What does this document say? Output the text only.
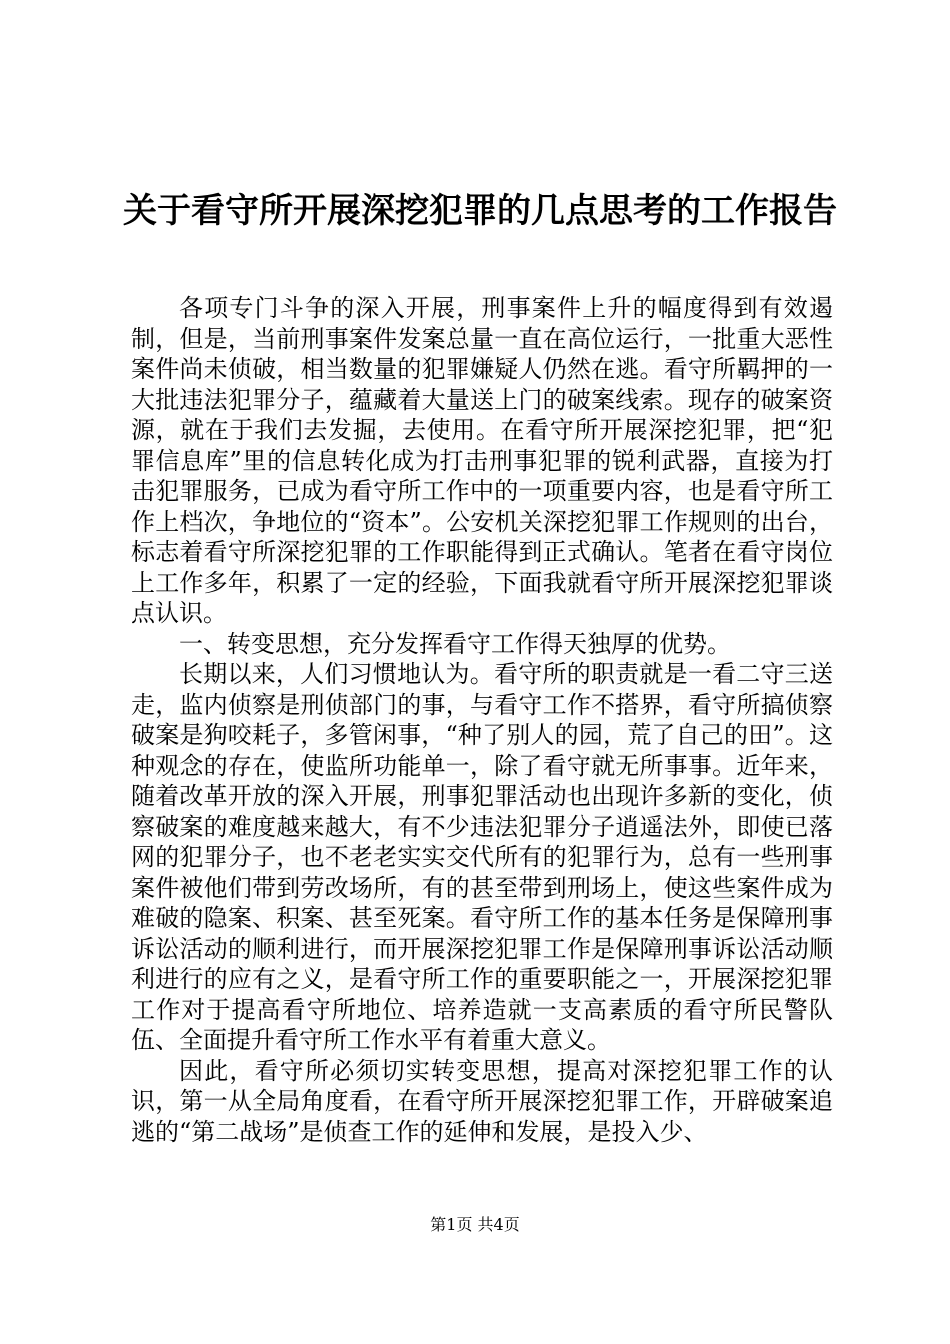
关于看守所开展深挖犯罪的几点思考的工作报告

各项专门斗争的深入开展，刑事案件上升的幅度得到有效遏制，但是，当前刑事案件发案总量一直在高位运行，一批重大恶性案件尚未侦破，相当数量的犯罪嫌疑人仍然在逃。看守所羁押的一大批违法犯罪分子，蕴藏着大量送上门的破案线索。现存的破案资源，就在于我们去发掘，去使用。在看守所开展深挖犯罪，把“犯罪信息库”里的信息转化成为打击刑事犯罪的锐利武器，直接为打击犯罪服务，已成为看守所工作中的一项重要内容，也是看守所工作上档次，争地位的“资本”。公安机关深挖犯罪工作规则的出台，标志着看守所深挖犯罪的工作职能得到正式确认。笔者在看守岗位上工作多年，积累了一定的经验，下面我就看守所开展深挖犯罪谈点认识。

一、转变思想，充分发挥看守工作得天独厚的优势。

长期以来，人们习惯地认为。看守所的职责就是一看二守三送走，监内侦察是刑侦部门的事，与看守工作不搭界，看守所搞侦察破案是狗咬耗子，多管闲事，“种了别人的园，荒了自己的田”。这种观念的存在，使监所功能单一，除了看守就无所事事。近年来，随着改革开放的深入开展，刑事犯罪活动也出现许多新的变化，侦察破案的难度越来越大，有不少违法犯罪分子逍遥法外，即使已落网的犯罪分子，也不老老实实交代所有的犯罪行为，总有一些刑事案件被他们带到劳改场所，有的甚至带到刑场上，使这些案件成为难破的隐案、积案、甚至死案。看守所工作的基本任务是保障刑事诉讼活动的顺利进行，而开展深挖犯罪工作是保障刑事诉讼活动顺利进行的应有之义，是看守所工作的重要职能之一，开展深挖犯罪工作对于提高看守所地位、培养造就一支高素质的看守所民警队伍、全面提升看守所工作水平有着重大意义。

因此，看守所必须切实转变思想，提高对深挖犯罪工作的认识，第一从全局角度看，在看守所开展深挖犯罪工作，开辟破案追逃的“第二战场”是侦查工作的延伸和发展，是投入少、

第1页 共4页
